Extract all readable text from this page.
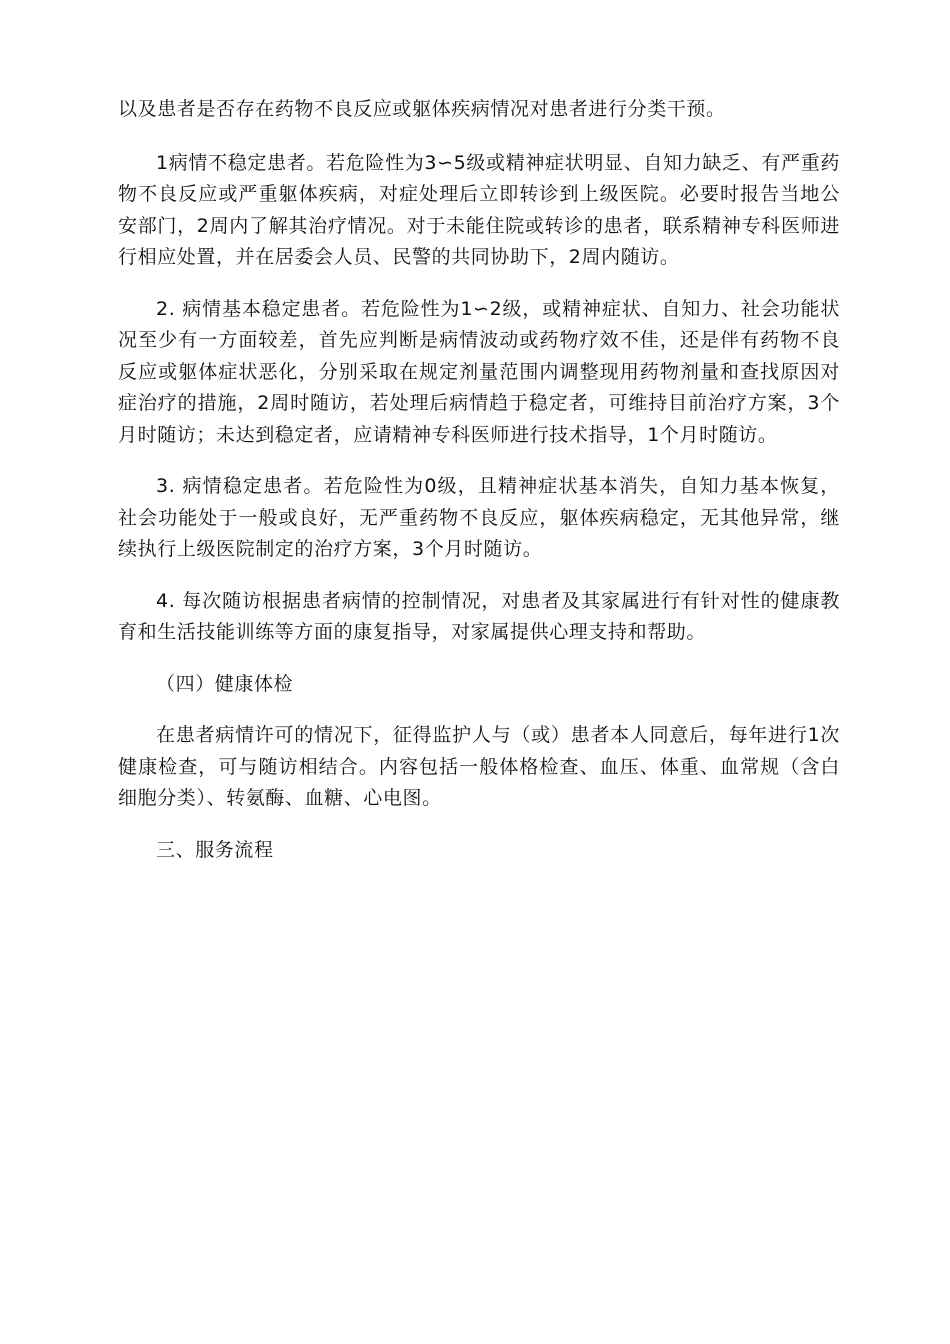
以及患者是否存在药物不良反应或躯体疾病情况对患者进行分类干预。

1病情不稳定患者。若危险性为3∽5级或精神症状明显、自知力缺乏、有严重药物不良反应或严重躯体疾病，对症处理后立即转诊到上级医院。必要时报告当地公安部门，2周内了解其治疗情况。对于未能住院或转诊的患者，联系精神专科医师进行相应处置，并在居委会人员、民警的共同协助下，2周内随访。

2. 病情基本稳定患者。若危险性为1∽2级，或精神症状、自知力、社会功能状况至少有一方面较差，首先应判断是病情波动或药物疗效不佳，还是伴有药物不良反应或躯体症状恶化，分别采取在规定剂量范围内调整现用药物剂量和查找原因对症治疗的措施，2周时随访，若处理后病情趋于稳定者，可维持目前治疗方案，3个月时随访；未达到稳定者，应请精神专科医师进行技术指导，1个月时随访。

3. 病情稳定患者。若危险性为0级，且精神症状基本消失，自知力基本恢复，社会功能处于一般或良好，无严重药物不良反应，躯体疾病稳定，无其他异常，继续执行上级医院制定的治疗方案，3个月时随访。

4. 每次随访根据患者病情的控制情况，对患者及其家属进行有针对性的健康教育和生活技能训练等方面的康复指导，对家属提供心理支持和帮助。

（四）健康体检

在患者病情许可的情况下，征得监护人与（或）患者本人同意后，每年进行1次健康检查，可与随访相结合。内容包括一般体格检查、血压、体重、血常规（含白细胞分类）、转氨酶、血糖、心电图。

三、服务流程
